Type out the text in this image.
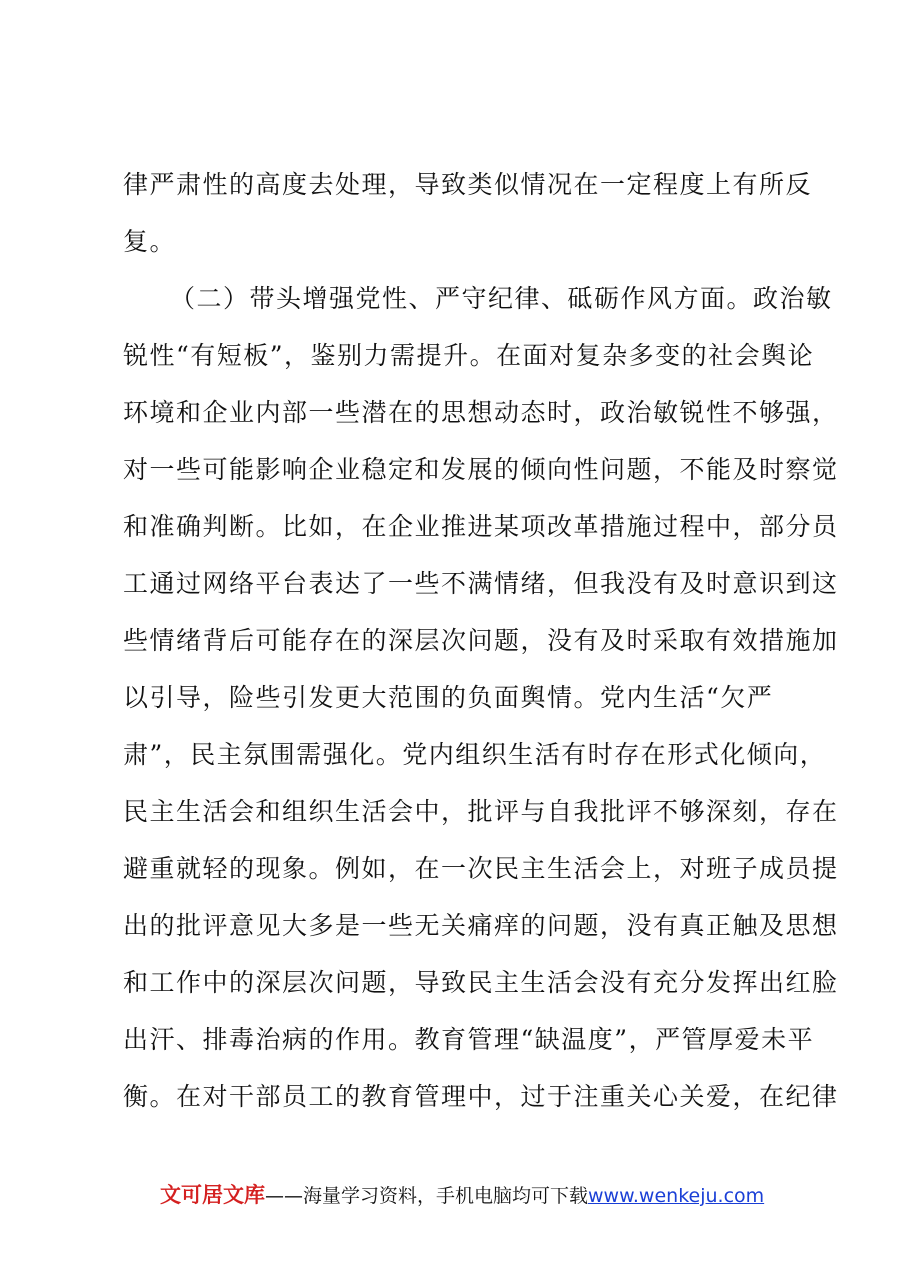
律严肃性的高度去处理，导致类似情况在一定程度上有所反
复。
（二）带头增强党性、严守纪律、砥砺作风方面。政治敏
锐性“有短板”，鉴别力需提升。在面对复杂多变的社会舆论
环境和企业内部一些潜在的思想动态时，政治敏锐性不够强，
对一些可能影响企业稳定和发展的倾向性问题，不能及时察觉
和准确判断。比如，在企业推进某项改革措施过程中，部分员
工通过网络平台表达了一些不满情绪，但我没有及时意识到这
些情绪背后可能存在的深层次问题，没有及时采取有效措施加
以引导，险些引发更大范围的负面舆情。党内生活“欠严
肃”，民主氛围需强化。党内组织生活有时存在形式化倾向，
民主生活会和组织生活会中，批评与自我批评不够深刻，存在
避重就轻的现象。例如，在一次民主生活会上，对班子成员提
出的批评意见大多是一些无关痛痒的问题，没有真正触及思想
和工作中的深层次问题，导致民主生活会没有充分发挥出红脸
出汗、排毒治病的作用。教育管理“缺温度”，严管厚爱未平
衡。在对干部员工的教育管理中，过于注重关心关爱，在纪律
文可居文库——海量学习资料，手机电脑均可下载www.wenkeju.com
